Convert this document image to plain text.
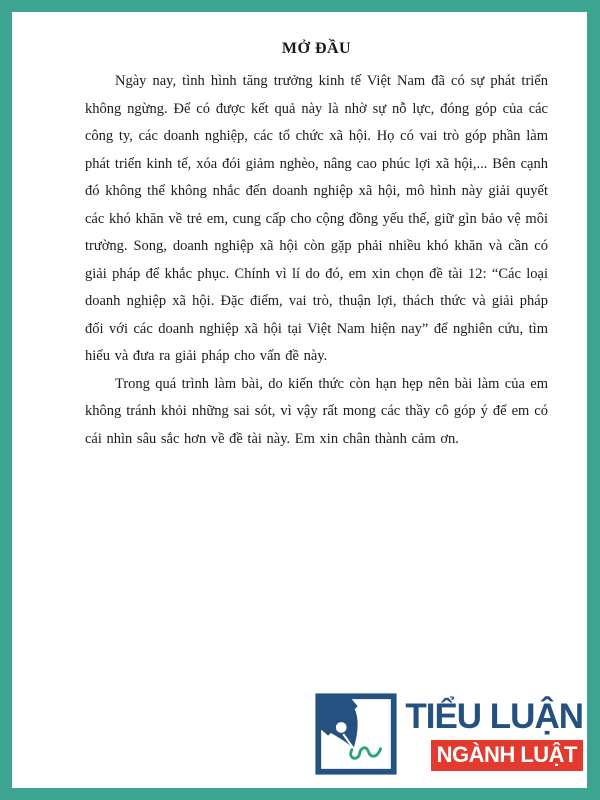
MỞ ĐẦU

Ngày nay, tình hình tăng trưởng kinh tế Việt Nam đã có sự phát triển không ngừng. Để có được kết quả này là nhờ sự nỗ lực, đóng góp của các công ty, các doanh nghiệp, các tổ chức xã hội. Họ có vai trò góp phần làm phát triển kinh tế, xóa đói giảm nghèo, nâng cao phúc lợi xã hội,... Bên cạnh đó không thể không nhắc đến doanh nghiệp xã hội, mô hình này giải quyết các khó khăn về trẻ em, cung cấp cho cộng đồng yếu thế, giữ gìn bảo vệ môi trường. Song, doanh nghiệp xã hội còn gặp phải nhiều khó khăn và cần có giải pháp để khắc phục. Chính vì lí do đó, em xin chọn đề tài 12: “Các loại doanh nghiệp xã hội. Đặc điểm, vai trò, thuận lợi, thách thức và giải pháp đối với các doanh nghiệp xã hội tại Việt Nam hiện nay” để nghiên cứu, tìm hiểu và đưa ra giải pháp cho vấn đề này.

Trong quá trình làm bài, do kiến thức còn hạn hẹp nên bài làm của em không tránh khỏi những sai sót, vì vậy rất mong các thầy cô góp ý để em có cái nhìn sâu sắc hơn về đề tài này. Em xin chân thành cảm ơn.

TIỂU LUẬN
NGÀNH LUẬT
